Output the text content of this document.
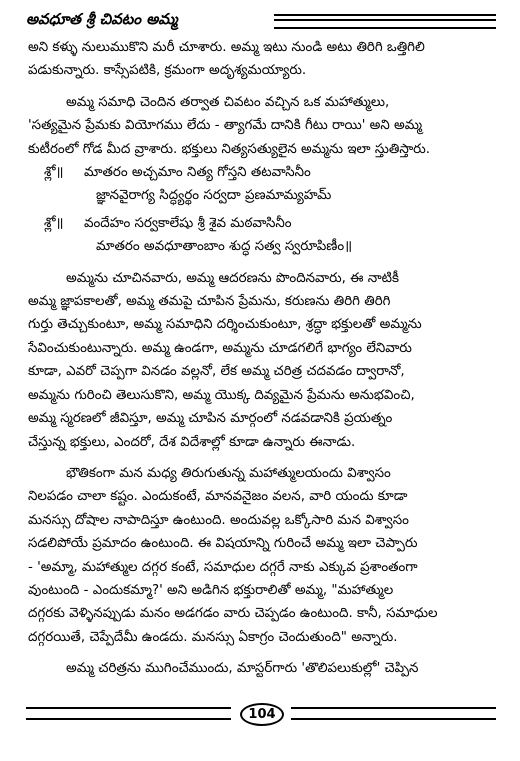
అవధూత శ్రీ చివటం అమ్మ
అని కళ్ళు నులుముకొని మరీ చూశారు. అమ్మ ఇటు నుండి అటు తిరిగి ఒత్తిగిలి
పడుకున్నారు. కాస్సేపటికి, క్రమంగా అదృశ్యమయ్యారు.
అమ్మ సమాధి చెందిన తర్వాత చివటం వచ్చిన ఒక మహాత్ములు,
'సత్యమైన ప్రేమకు వియోగము లేదు - త్యాగమే దానికి గీటు రాయి' అని అమ్మ
కుటీరంలో గోడ మీద వ్రాశారు. భక్తులు నిత్యసత్యులైన అమ్మను ఇలా స్తుతిస్తారు.
శ్లో॥ మాతరం అచ్చమాం నిత్య గోస్తని తటవాసినీం
జ్ఞానవైరాగ్య సిద్ధ్యర్థం సర్వదా ప్రణమామ్యహమ్
శ్లో॥ వందేహం సర్వకాలేషు శ్రీ శైవ మఠవాసినీం
మాతరం అవధూతాంబాం శుద్ధ సత్వ స్వరూపిణీం॥
అమ్మను చూచినవారు, అమ్మ ఆదరణను పొందినవారు, ఈ నాటికీ
అమ్మ జ్ఞాపకాలతో, అమ్మ తమపై చూపిన ప్రేమను, కరుణను తిరిగి తిరిగి
గుర్తు తెచ్చుకుంటూ, అమ్మ సమాధిని దర్శించుకుంటూ, శ్రద్ధా భక్తులతో అమ్మను
సేవించుకుంటున్నారు. అమ్మ ఉండగా, అమ్మను చూడగలిగే భాగ్యం లేనివారు
కూడా, ఎవరో చెప్పగా వినడం వల్లనో, లేక అమ్మ చరిత్ర చదవడం ద్వారానో,
అమ్మను గురించి తెలుసుకొని, అమ్మ యొక్క దివ్యమైన ప్రేమను అనుభవించి,
అమ్మ స్మరణలో జీవిస్తూ, అమ్మ చూపిన మార్గంలో నడవడానికి ప్రయత్నం
చేస్తున్న భక్తులు, ఎందరో, దేశ విదేశాల్లో కూడా ఉన్నారు ఈనాడు.
భౌతికంగా మన మధ్య తిరుగుతున్న మహాత్ములయందు విశ్వాసం
నిలపడం చాలా కష్టం. ఎందుకంటే, మానవనైజం వలన, వారి యందు కూడా
మనస్సు దోషాల నాపాదిస్తూ ఉంటుంది. అందువల్ల ఒక్కోసారి మన విశ్వాసం
సడలిపోయే ప్రమాదం ఉంటుంది. ఈ విషయాన్ని గురించే అమ్మ ఇలా చెప్పారు
- 'అమ్మా, మహాత్ముల దగ్గర కంటే, సమాధుల దగ్గరే నాకు ఎక్కువ ప్రశాంతంగా
వుంటుంది - ఎందుకమ్మా?' అని అడిగిన భక్తురాలితో అమ్మ, "మహాత్ముల
దగ్గరకు వెళ్ళినప్పుడు మనం అడగడం వారు చెప్పడం ఉంటుంది. కానీ, సమాధుల
దగ్గరయితే, చెప్పేదేమీ ఉండదు. మనస్సు ఏకాగ్రం చెందుతుంది" అన్నారు.
అమ్మ చరిత్రను ముగించేముందు, మాస్టర్‌గారు 'తొలిపలుకుల్లో' చెప్పిన
104
